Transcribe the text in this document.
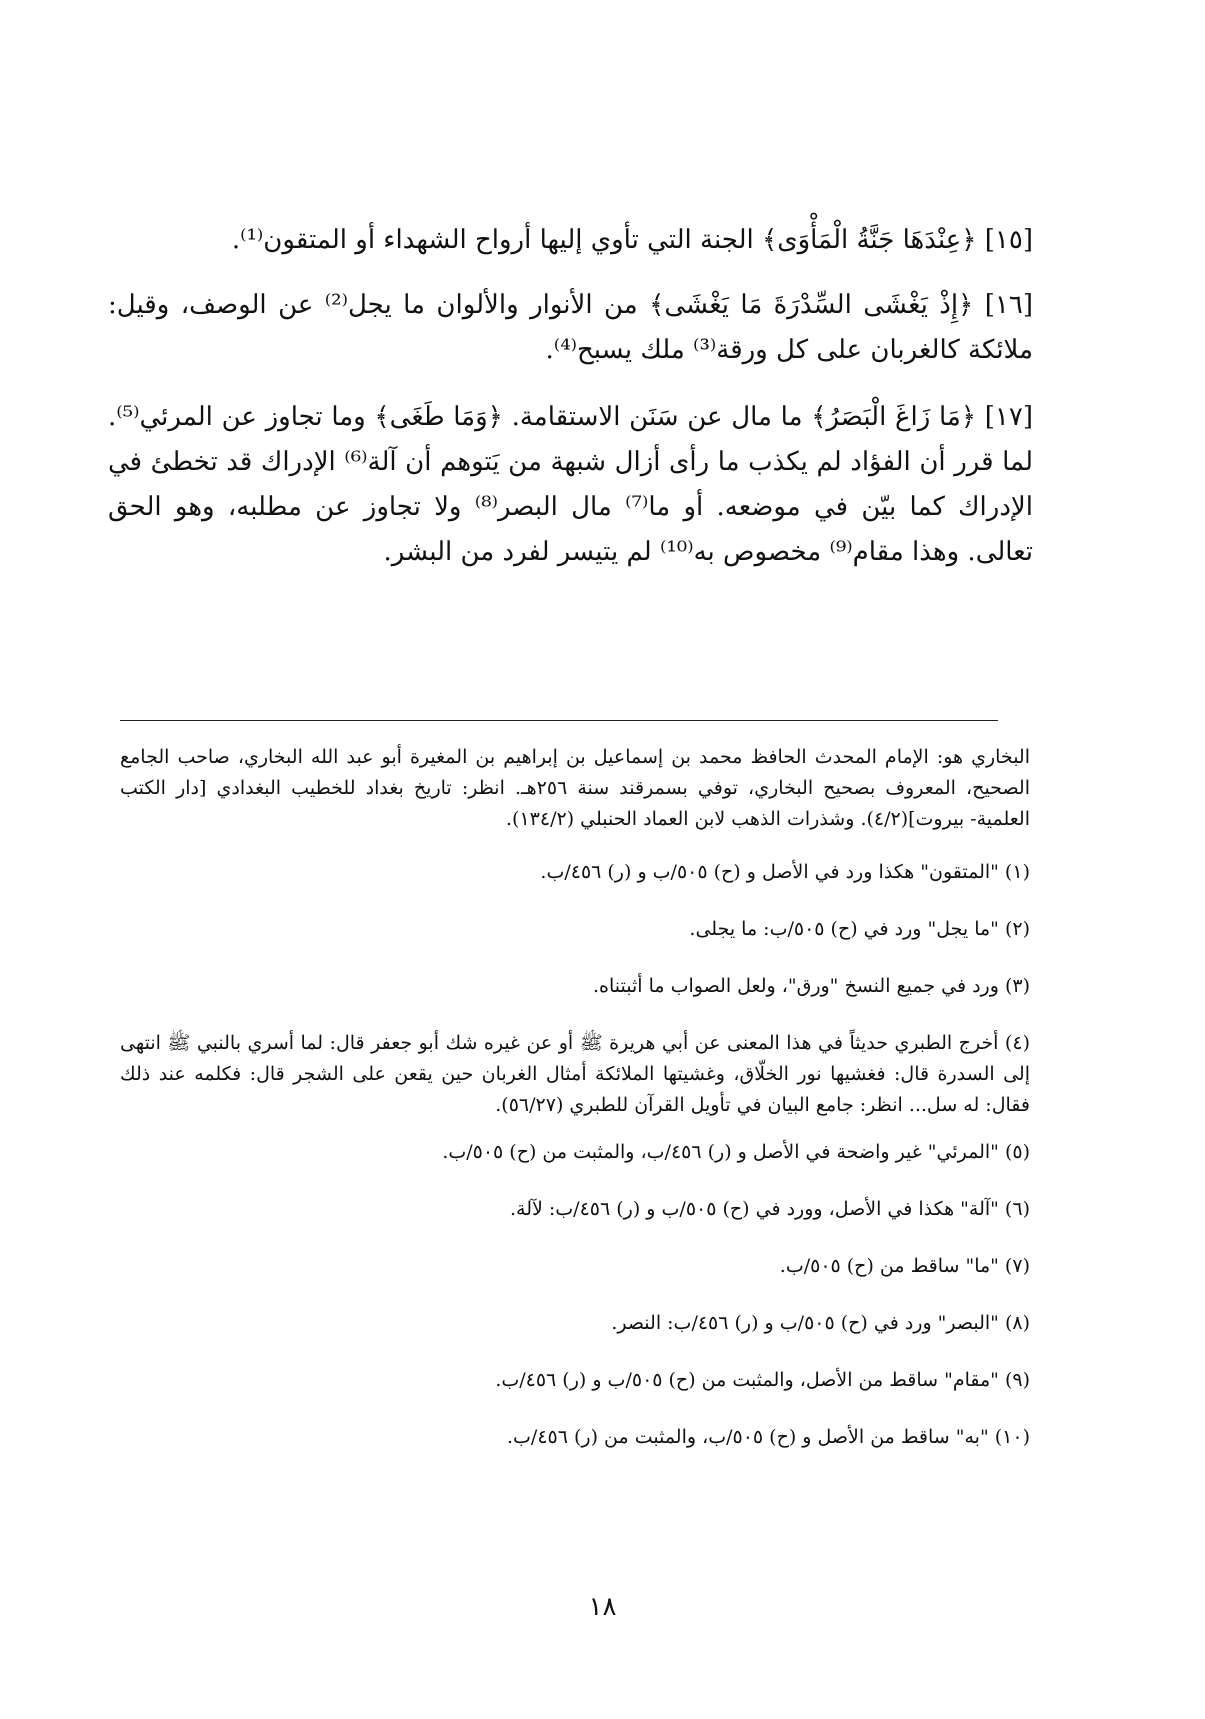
[١٥] ﴿عِنْدَهَا جَنَّةُ الْمَأْوَى﴾ الجنة التي تأوي إليها أرواح الشهداء أو المتقون⁽¹⁾.

[١٦] ﴿إِذْ يَغْشَى السِّدْرَةَ مَا يَغْشَى﴾ من الأنوار والألوان ما يجل⁽²⁾ عن الوصف، وقيل: ملائكة كالغربان على كل ورقة⁽³⁾ ملك يسبح⁽⁴⁾.

[١٧] ﴿مَا زَاغَ الْبَصَرُ﴾ ما مال عن سَنَن الاستقامة. ﴿وَمَا طَغَى﴾ وما تجاوز عن المرئي⁽⁵⁾. لما قرر أن الفؤاد لم يكذب ما رأى أزال شبهة من يَتوهم أن آلة⁽⁶⁾ الإدراك قد تخطئ في الإدراك كما بيّن في موضعه. أو ما⁽⁷⁾ مال البصر⁽⁸⁾ ولا تجاوز عن مطلبه، وهو الحق تعالى. وهذا مقام⁽⁹⁾ مخصوص به⁽¹⁰⁾ لم يتيسر لفرد من البشر.

البخاري هو: الإمام المحدث الحافظ محمد بن إسماعيل بن إبراهيم بن المغيرة أبو عبد الله البخاري، صاحب الجامع الصحيح، المعروف بصحيح البخاري، توفي بسمرقند سنة ٢٥٦هـ. انظر: تاريخ بغداد للخطيب البغدادي [دار الكتب العلمية- بيروت](٤/٢). وشذرات الذهب لابن العماد الحنبلي (١٣٤/٢).

(١) "المتقون" هكذا ورد في الأصل و (ح) ٥٠٥/ب و (ر) ٤٥٦/ب.

(٢) "ما يجل" ورد في (ح) ٥٠٥/ب: ما يجلى.

(٣) ورد في جميع النسخ "ورق"، ولعل الصواب ما أثبتناه.

(٤) أخرج الطبري حديثاً في هذا المعنى عن أبي هريرة ﷺ أو عن غيره شك أبو جعفر قال: لما أسري بالنبي ﷺ انتهى إلى السدرة قال: فغشيها نور الخلّاق، وغشيتها الملائكة أمثال الغربان حين يقعن على الشجر قال: فكلمه عند ذلك فقال: له سل... انظر: جامع البيان في تأويل القرآن للطبري (٥٦/٢٧).

(٥) "المرئي" غير واضحة في الأصل و (ر) ٤٥٦/ب، والمثبت من (ح) ٥٠٥/ب.

(٦) "آلة" هكذا في الأصل، وورد في (ح) ٥٠٥/ب و (ر) ٤٥٦/ب: لآلة.

(٧) "ما" ساقط من (ح) ٥٠٥/ب.

(٨) "البصر" ورد في (ح) ٥٠٥/ب و (ر) ٤٥٦/ب: النصر.

(٩) "مقام" ساقط من الأصل، والمثبت من (ح) ٥٠٥/ب و (ر) ٤٥٦/ب.

(١٠) "به" ساقط من الأصل و (ح) ٥٠٥/ب، والمثبت من (ر) ٤٥٦/ب.

١٨
